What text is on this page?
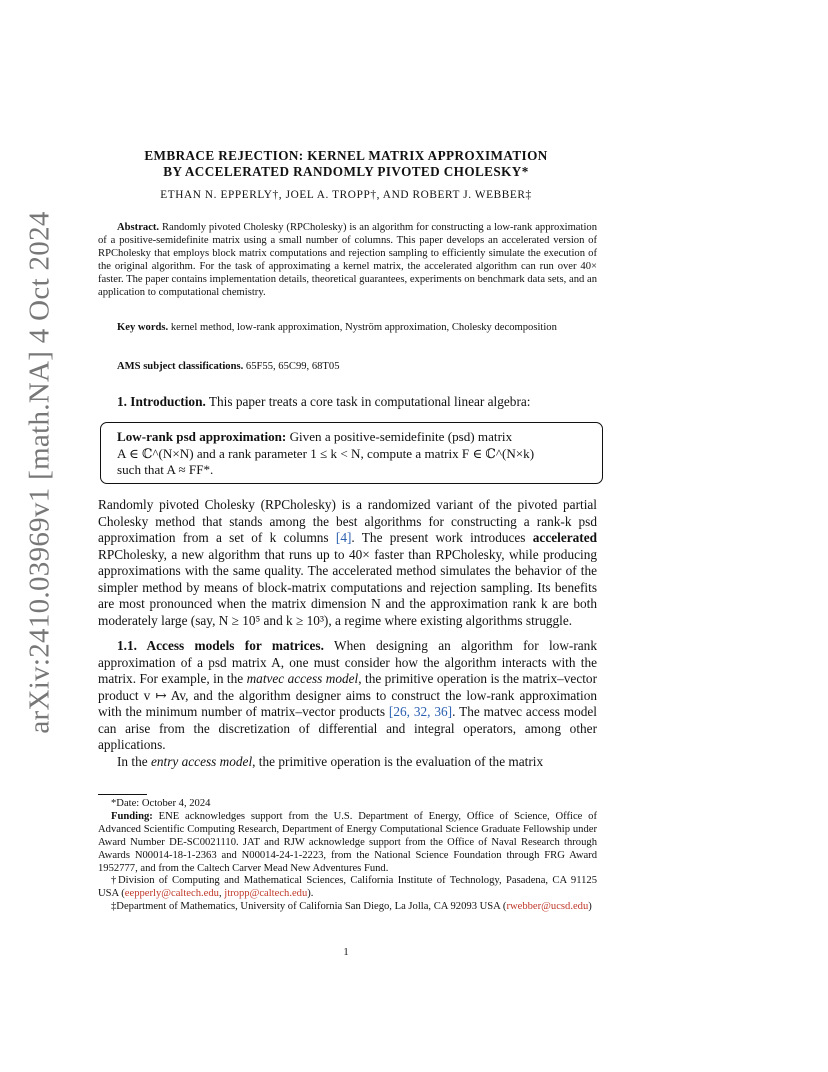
arXiv:2410.03969v1 [math.NA] 4 Oct 2024
EMBRACE REJECTION: KERNEL MATRIX APPROXIMATION
BY ACCELERATED RANDOMLY PIVOTED CHOLESKY*
ETHAN N. EPPERLY†, JOEL A. TROPP†, AND ROBERT J. WEBBER‡
Abstract. Randomly pivoted Cholesky (RPCholesky) is an algorithm for constructing a low-rank approximation of a positive-semidefinite matrix using a small number of columns. This paper develops an accelerated version of RPCholesky that employs block matrix computations and rejection sampling to efficiently simulate the execution of the original algorithm. For the task of approximating a kernel matrix, the accelerated algorithm can run over 40× faster. The paper contains implementation details, theoretical guarantees, experiments on benchmark data sets, and an application to computational chemistry.
Key words. kernel method, low-rank approximation, Nyström approximation, Cholesky decomposition
AMS subject classifications. 65F55, 65C99, 68T05
1. Introduction. This paper treats a core task in computational linear algebra:
Low-rank psd approximation: Given a positive-semidefinite (psd) matrix
A ∈ ℂ^(N×N) and a rank parameter 1 ≤ k < N, compute a matrix F ∈ ℂ^(N×k)
such that A ≈ FF*.

Randomly pivoted Cholesky (RPCholesky) is a randomized variant of the pivoted partial Cholesky method that stands among the best algorithms for constructing a rank-k psd approximation from a set of k columns [4]. The present work introduces accelerated RPCholesky, a new algorithm that runs up to 40× faster than RPCholesky, while producing approximations with the same quality. The accelerated method simulates the behavior of the simpler method by means of block-matrix computations and rejection sampling. Its benefits are most pronounced when the matrix dimension N and the approximation rank k are both moderately large (say, N ≥ 10⁵ and k ≥ 10³), a regime where existing algorithms struggle.

1.1. Access models for matrices. When designing an algorithm for low-rank approximation of a psd matrix A, one must consider how the algorithm interacts with the matrix. For example, in the matvec access model, the primitive operation is the matrix–vector product v ↦ Av, and the algorithm designer aims to construct the low-rank approximation with the minimum number of matrix–vector products [26, 32, 36]. The matvec access model can arise from the discretization of differential and integral operators, among other applications.

In the entry access model, the primitive operation is the evaluation of the matrix

*Date: October 4, 2024

Funding: ENE acknowledges support from the U.S. Department of Energy, Office of Science, Office of Advanced Scientific Computing Research, Department of Energy Computational Science Graduate Fellowship under Award Number DE-SC0021110. JAT and RJW acknowledge support from the Office of Naval Research through Awards N00014-18-1-2363 and N00014-24-1-2223, from the National Science Foundation through FRG Award 1952777, and from the Caltech Carver Mead New Adventures Fund.

†Division of Computing and Mathematical Sciences, California Institute of Technology, Pasadena, CA 91125 USA (eepperly@caltech.edu, jtropp@caltech.edu).

‡Department of Mathematics, University of California San Diego, La Jolla, CA 92093 USA (rwebber@ucsd.edu)

1
